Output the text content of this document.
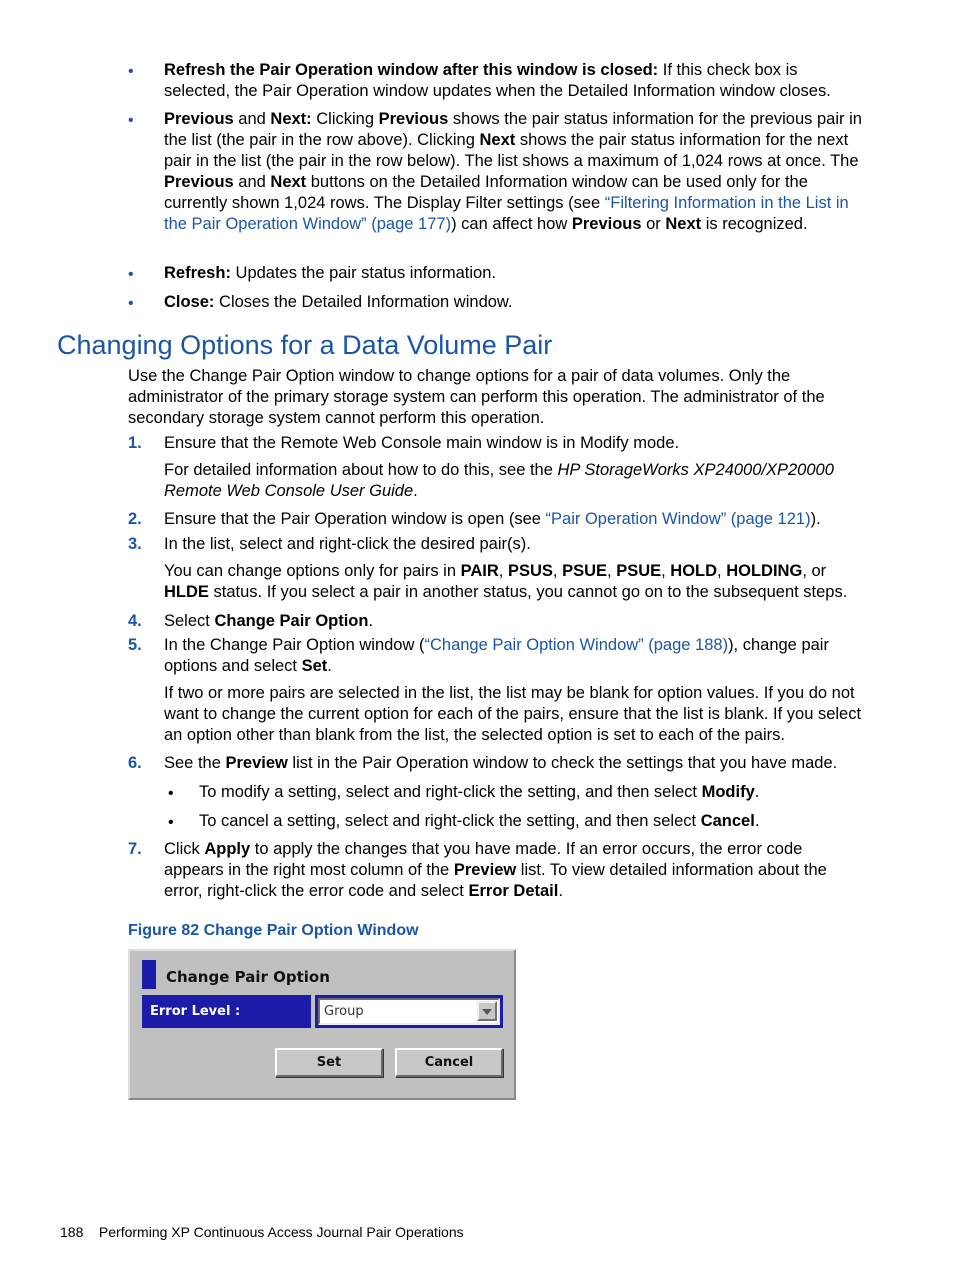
• Refresh the Pair Operation window after this window is closed: If this check box is selected, the Pair Operation window updates when the Detailed Information window closes.
• Previous and Next: Clicking Previous shows the pair status information for the previous pair in the list (the pair in the row above). Clicking Next shows the pair status information for the next pair in the list (the pair in the row below). The list shows a maximum of 1,024 rows at once. The Previous and Next buttons on the Detailed Information window can be used only for the currently shown 1,024 rows. The Display Filter settings (see “Filtering Information in the List in the Pair Operation Window” (page 177)) can affect how Previous or Next is recognized.
• Refresh: Updates the pair status information.
• Close: Closes the Detailed Information window.
Changing Options for a Data Volume Pair
Use the Change Pair Option window to change options for a pair of data volumes. Only the administrator of the primary storage system can perform this operation. The administrator of the secondary storage system cannot perform this operation.
1. Ensure that the Remote Web Console main window is in Modify mode.
For detailed information about how to do this, see the HP StorageWorks XP24000/XP20000 Remote Web Console User Guide.
2. Ensure that the Pair Operation window is open (see “Pair Operation Window” (page 121)).
3. In the list, select and right-click the desired pair(s).
You can change options only for pairs in PAIR, PSUS, PSUE, PSUE, HOLD, HOLDING, or HLDE status. If you select a pair in another status, you cannot go on to the subsequent steps.
4. Select Change Pair Option.
5. In the Change Pair Option window (“Change Pair Option Window” (page 188)), change pair options and select Set.
If two or more pairs are selected in the list, the list may be blank for option values. If you do not want to change the current option for each of the pairs, ensure that the list is blank. If you select an option other than blank from the list, the selected option is set to each of the pairs.
6. See the Preview list in the Pair Operation window to check the settings that you have made.
• To modify a setting, select and right-click the setting, and then select Modify.
• To cancel a setting, select and right-click the setting, and then select Cancel.
7. Click Apply to apply the changes that you have made. If an error occurs, the error code appears in the right most column of the Preview list. To view detailed information about the error, right-click the error code and select Error Detail.
Figure 82 Change Pair Option Window
Change Pair Option
Error Level :	Group
Set	Cancel
188    Performing XP Continuous Access Journal Pair Operations
